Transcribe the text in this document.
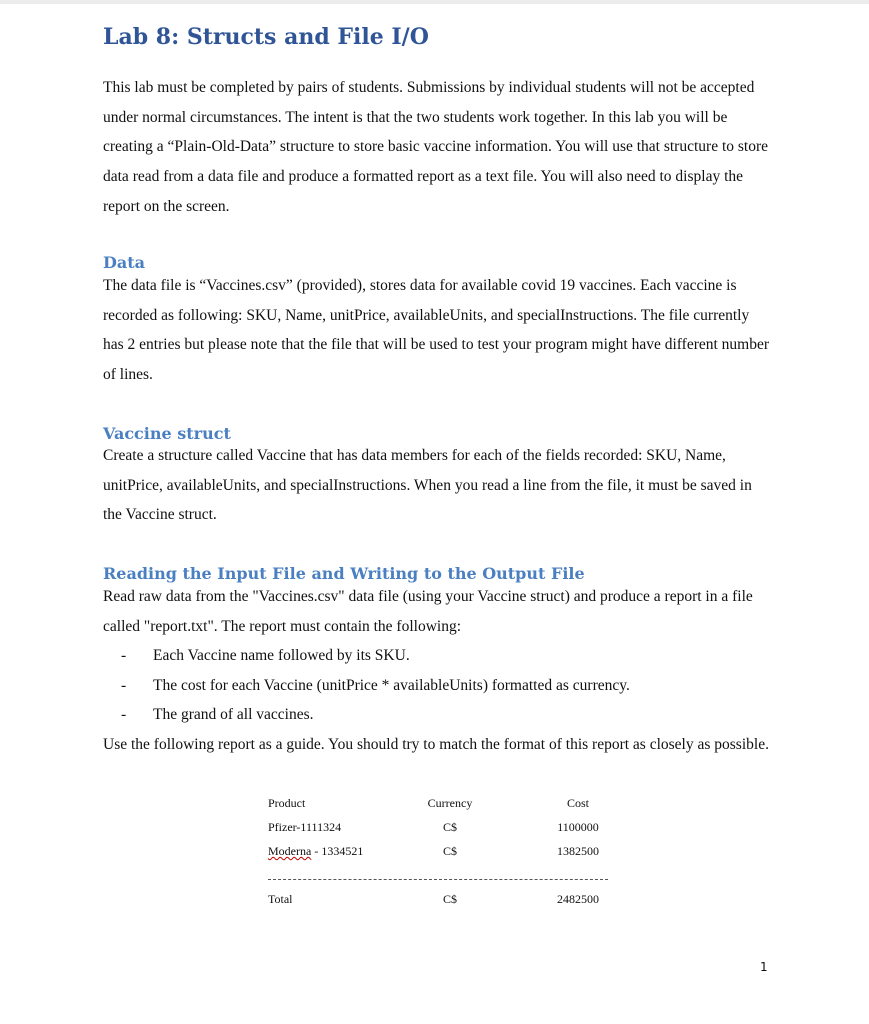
Lab 8: Structs and File I/O

This lab must be completed by pairs of students. Submissions by individual students will not be accepted under normal circumstances. The intent is that the two students work together. In this lab you will be creating a “Plain-Old-Data” structure to store basic vaccine information. You will use that structure to store data read from a data file and produce a formatted report as a text file. You will also need to display the report on the screen.

Data

The data file is “Vaccines.csv” (provided), stores data for available covid 19 vaccines. Each vaccine is recorded as following: SKU, Name, unitPrice, availableUnits, and specialInstructions. The file currently has 2 entries but please note that the file that will be used to test your program might have different number of lines.

Vaccine struct

Create a structure called Vaccine that has data members for each of the fields recorded: SKU, Name, unitPrice, availableUnits, and specialInstructions. When you read a line from the file, it must be saved in the Vaccine struct.

Reading the Input File and Writing to the Output File

Read raw data from the "Vaccines.csv" data file (using your Vaccine struct) and produce a report in a file called "report.txt". The report must contain the following:

- Each Vaccine name followed by its SKU.
- The cost for each Vaccine (unitPrice * availableUnits) formatted as currency.
- The grand of all vaccines.

Use the following report as a guide. You should try to match the format of this report as closely as possible.

Product	Currency	Cost
Pfizer-1111324	C$	1100000
Moderna - 1334521	C$	1382500
Total	C$	2482500
1
